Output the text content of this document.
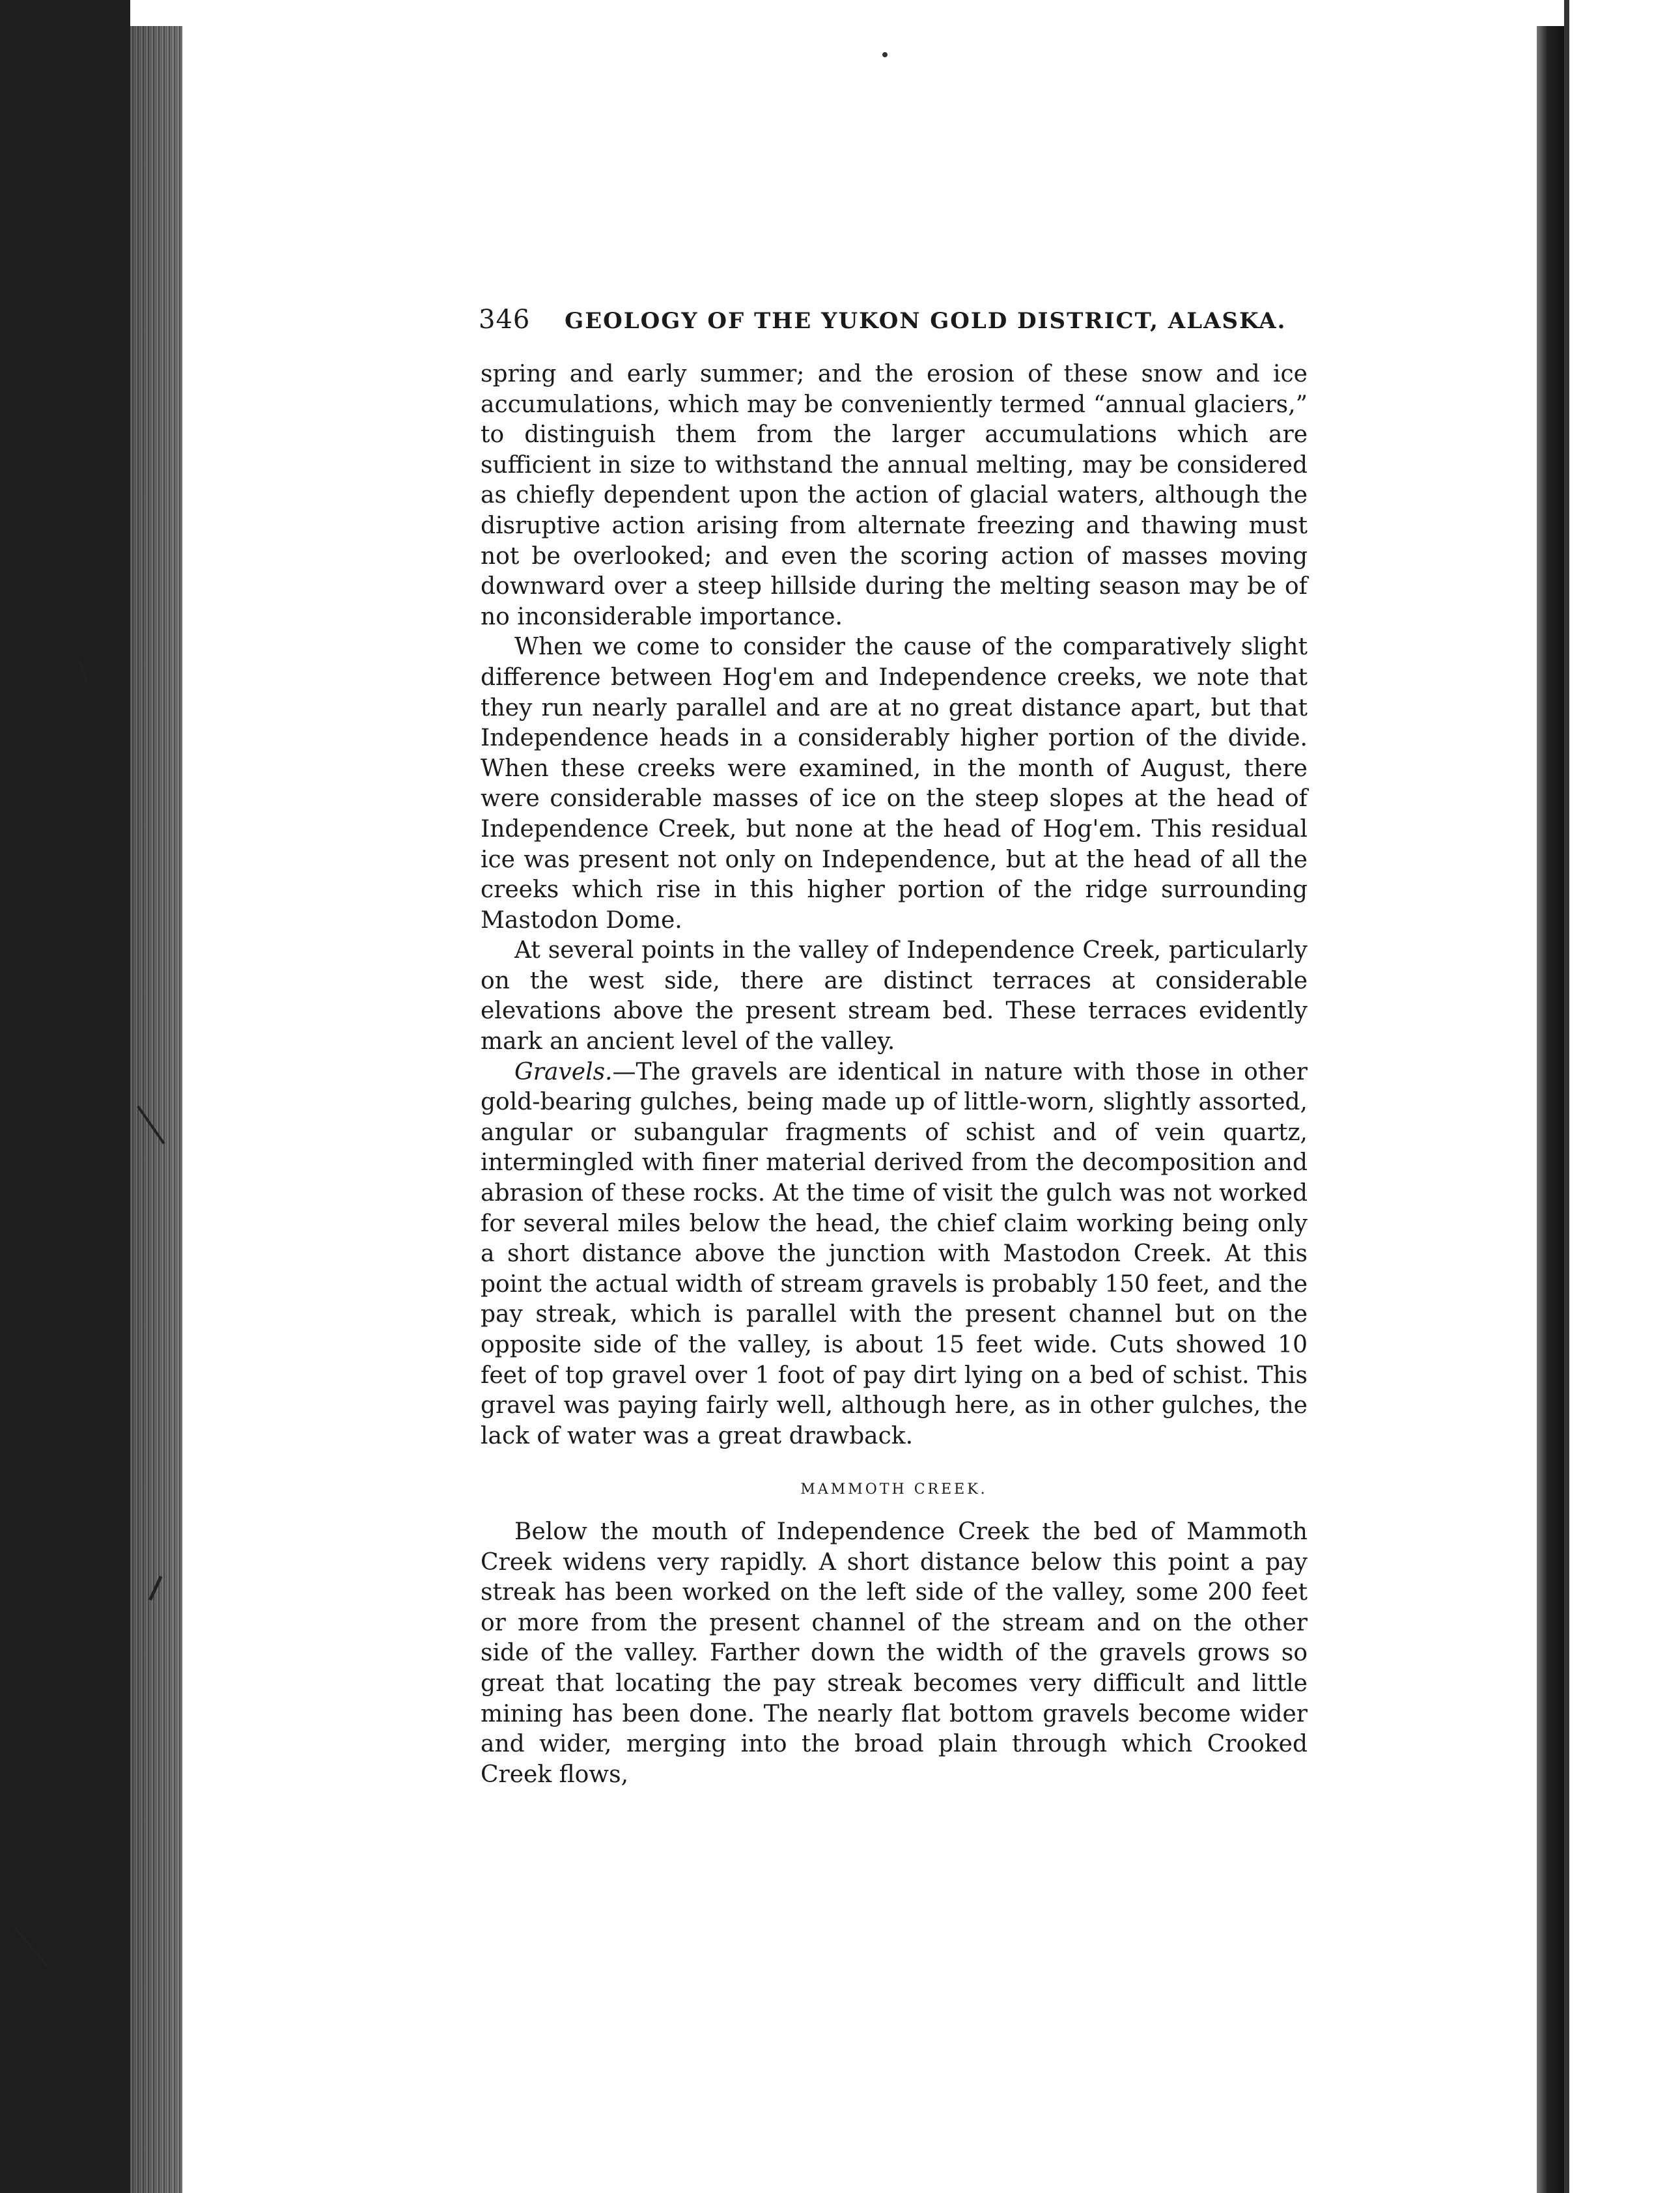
346 GEOLOGY OF THE YUKON GOLD DISTRICT, ALASKA.

spring and early summer; and the erosion of these snow and ice accumulations, which may be conveniently termed “annual glaciers,” to distinguish them from the larger accumulations which are sufficient in size to withstand the annual melting, may be considered as chiefly dependent upon the action of glacial waters, although the disruptive action arising from alternate freezing and thawing must not be overlooked; and even the scoring action of masses moving downward over a steep hillside during the melting season may be of no inconsiderable importance.

When we come to consider the cause of the comparatively slight difference between Hog'em and Independence creeks, we note that they run nearly parallel and are at no great distance apart, but that Independence heads in a considerably higher portion of the divide. When these creeks were examined, in the month of August, there were considerable masses of ice on the steep slopes at the head of Independence Creek, but none at the head of Hog'em. This residual ice was present not only on Independence, but at the head of all the creeks which rise in this higher portion of the ridge surrounding Mastodon Dome.

At several points in the valley of Independence Creek, particularly on the west side, there are distinct terraces at considerable elevations above the present stream bed. These terraces evidently mark an ancient level of the valley.

Gravels.—The gravels are identical in nature with those in other gold-bearing gulches, being made up of little-worn, slightly assorted, angular or subangular fragments of schist and of vein quartz, intermingled with finer material derived from the decomposition and abrasion of these rocks. At the time of visit the gulch was not worked for several miles below the head, the chief claim working being only a short distance above the junction with Mastodon Creek. At this point the actual width of stream gravels is probably 150 feet, and the pay streak, which is parallel with the present channel but on the opposite side of the valley, is about 15 feet wide. Cuts showed 10 feet of top gravel over 1 foot of pay dirt lying on a bed of schist. This gravel was paying fairly well, although here, as in other gulches, the lack of water was a great drawback.

MAMMOTH CREEK.

Below the mouth of Independence Creek the bed of Mammoth Creek widens very rapidly. A short distance below this point a pay streak has been worked on the left side of the valley, some 200 feet or more from the present channel of the stream and on the other side of the valley. Farther down the width of the gravels grows so great that locating the pay streak becomes very difficult and little mining has been done. The nearly flat bottom gravels become wider and wider, merging into the broad plain through which Crooked Creek flows,
